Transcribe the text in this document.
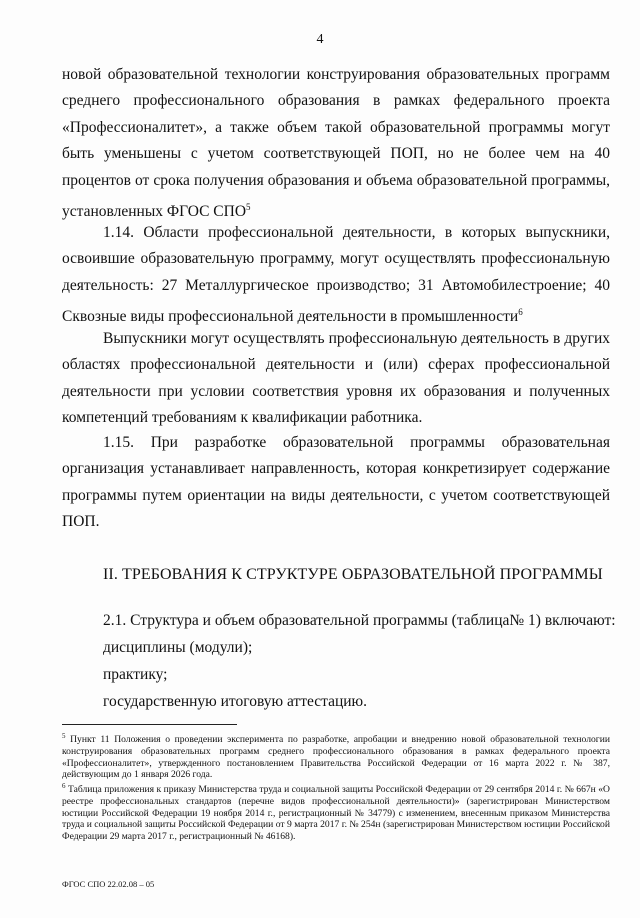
4
новой образовательной технологии конструирования образовательных программ среднего профессионального образования в рамках федерального проекта «Профессионалитет», а также объем такой образовательной программы могут быть уменьшены с учетом соответствующей ПОП, но не более чем на 40 процентов от срока получения образования и объема образовательной программы, установленных ФГОС СПО$^5$
1.14. Области профессиональной деятельности, в которых выпускники, освоившие образовательную программу, могут осуществлять профессиональную деятельность: 27 Металлургическое производство; 31 Автомобилестроение; 40 Сквозные виды профессиональной деятельности в промышленности$^6$
Выпускники могут осуществлять профессиональную деятельность в других областях профессиональной деятельности и (или) сферах профессиональной деятельности при условии соответствия уровня их образования и полученных компетенций требованиям к квалификации работника.
1.15. При разработке образовательной программы образовательная организация устанавливает направленность, которая конкретизирует содержание программы путем ориентации на виды деятельности, с учетом соответствующей ПОП.
II. ТРЕБОВАНИЯ К СТРУКТУРЕ ОБРАЗОВАТЕЛЬНОЙ ПРОГРАММЫ
2.1. Структура и объем образовательной программы (таблица№ 1) включают:
дисциплины (модули);
практику;
государственную итоговую аттестацию.
$^5$ Пункт 11 Положения о проведении эксперимента по разработке, апробации и внедрению новой образовательной технологии конструирования образовательных программ среднего профессионального образования в рамках федерального проекта «Профессионалитет», утвержденного постановлением Правительства Российской Федерации от 16 марта 2022 г. № 387, действующим до 1 января 2026 года.
$^6$ Таблица приложения к приказу Министерства труда и социальной защиты Российской Федерации от 29 сентября 2014 г. № 667н «О реестре профессиональных стандартов (перечне видов профессиональной деятельности)» (зарегистрирован Министерством юстиции Российской Федерации 19 ноября 2014 г., регистрационный № 34779) с изменением, внесенным приказом Министерства труда и социальной защиты Российской Федерации от 9 марта 2017 г. № 254н (зарегистрирован Министерством юстиции Российской Федерации 29 марта 2017 г., регистрационный № 46168).
ФГОС СПО 22.02.08 – 05
